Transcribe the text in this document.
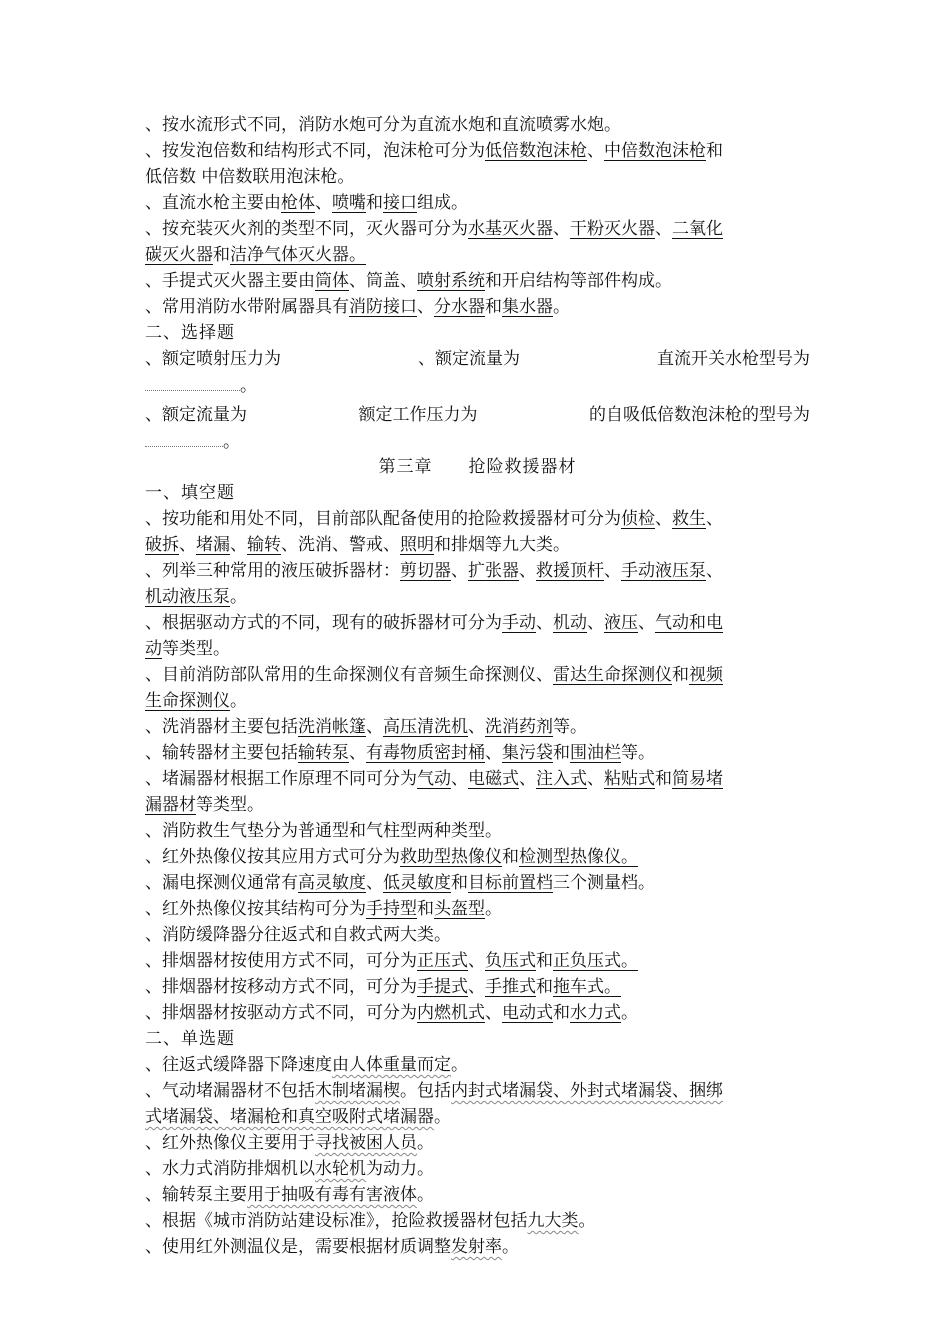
、按水流形式不同，消防水炮可分为直流水炮和直流喷雾水炮。
、按发泡倍数和结构形式不同，泡沫枪可分为低倍数泡沫枪、中倍数泡沫枪和
低倍数 中倍数联用泡沫枪。
、直流水枪主要由枪体、喷嘴和接口组成。
、按充装灭火剂的类型不同，灭火器可分为水基灭火器、干粉灭火器、二氧化
碳灭火器和洁净气体灭火器。
、手提式灭火器主要由筒体、筒盖、喷射系统和开启结构等部件构成。
、常用消防水带附属器具有消防接口、分水器和集水器。
二、选择题
、额定喷射压力为	、额定流量为	直流开关水枪型号为
。
、额定流量为	额定工作压力为	的自吸低倍数泡沫枪的型号为
。
第三章 抢险救援器材
一、填空题
、按功能和用处不同，目前部队配备使用的抢险救援器材可分为侦检、救生、
破拆、堵漏、输转、洗消、警戒、照明和排烟等九大类。
、列举三种常用的液压破拆器材：剪切器、扩张器、救援顶杆、手动液压泵、
机动液压泵。
、根据驱动方式的不同，现有的破拆器材可分为手动、机动、液压、气动和电
动等类型。
、目前消防部队常用的生命探测仪有音频生命探测仪、雷达生命探测仪和视频
生命探测仪。
、洗消器材主要包括洗消帐篷、高压清洗机、洗消药剂等。
、输转器材主要包括输转泵、有毒物质密封桶、集污袋和围油栏等。
、堵漏器材根据工作原理不同可分为气动、电磁式、注入式、粘贴式和简易堵
漏器材等类型。
、消防救生气垫分为普通型和气柱型两种类型。
、红外热像仪按其应用方式可分为救助型热像仪和检测型热像仪。
、漏电探测仪通常有高灵敏度、低灵敏度和目标前置档三个测量档。
、红外热像仪按其结构可分为手持型和头盔型。
、消防缓降器分往返式和自救式两大类。
、排烟器材按使用方式不同，可分为正压式、负压式和正负压式。
、排烟器材按移动方式不同，可分为手提式、手推式和拖车式。
、排烟器材按驱动方式不同，可分为内燃机式、电动式和水力式。
二、单选题
、往返式缓降器下降速度由人体重量而定。
、气动堵漏器材不包括木制堵漏楔。包括内封式堵漏袋、外封式堵漏袋、捆绑
式堵漏袋、堵漏枪和真空吸附式堵漏器。
、红外热像仪主要用于寻找被困人员。
、水力式消防排烟机以水轮机为动力。
、输转泵主要用于抽吸有毒有害液体。
、根据《城市消防站建设标准》，抢险救援器材包括九大类。
、使用红外测温仪是，需要根据材质调整发射率。
